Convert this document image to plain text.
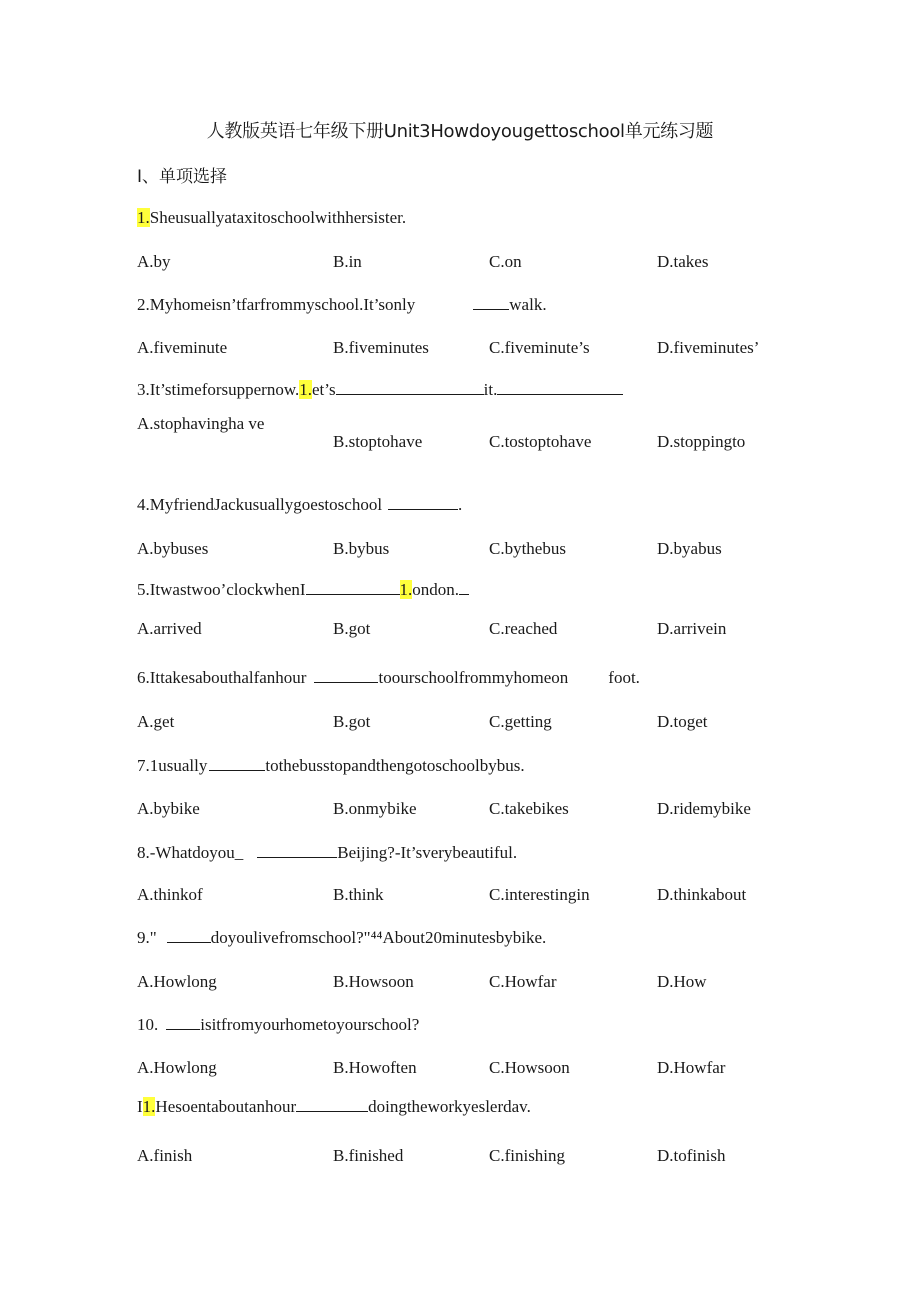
人教版英语七年级下册Unit3Howdoyougettoschool单元练习题
Ⅰ、单项选择
1.Sheusuallyataxitoschoolwithhersister.
A.by	B.in	C.on	D.takes
2.Myhomeisn’tfarfrommyschool.It’sonly	walk.
A.fiveminute	B.fiveminutes	C.fiveminute’s	D.fiveminutes’
3.It’stimeforsuppernow.1.et’s	it.
A.stophavingha ve
B.stoptohave	C.tostoptohave	D.stoppingto
4.MyfriendJackusuallygoestoschool	.
A.bybuses	B.bybus	C.bythebus	D.byabus
5.Itwastwoo’clockwhenI	1.ondon.
A.arrived	B.got	C.reached	D.arrivein
6.Ittakesabouthalfanhour	toourschoolfrommyhomeon foot.
A.get	B.got	C.getting	D.toget
7.1usually	tothebusstopandthengotoschoolbybus.
A.bybike	B.onmybike	C.takebikes	D.ridemybike
8.-Whatdoyou_	Beijing?-It’sverybeautiful.
A.thinkof	B.think	C.interestingin	D.thinkabout
9."	doyoulivefromschool?"⁴⁴About20minutesbybike.
A.Howlong	B.Howsoon	C.Howfar	D.How
10. isitfromyourhometoyourschool?
A.Howlong	B.Howoften	C.Howsoon	D.Howfar
I1.Hesoentaboutanhour	doingtheworkyeslerdav.
A.finish	B.finished	C.finishing	D.tofinish
